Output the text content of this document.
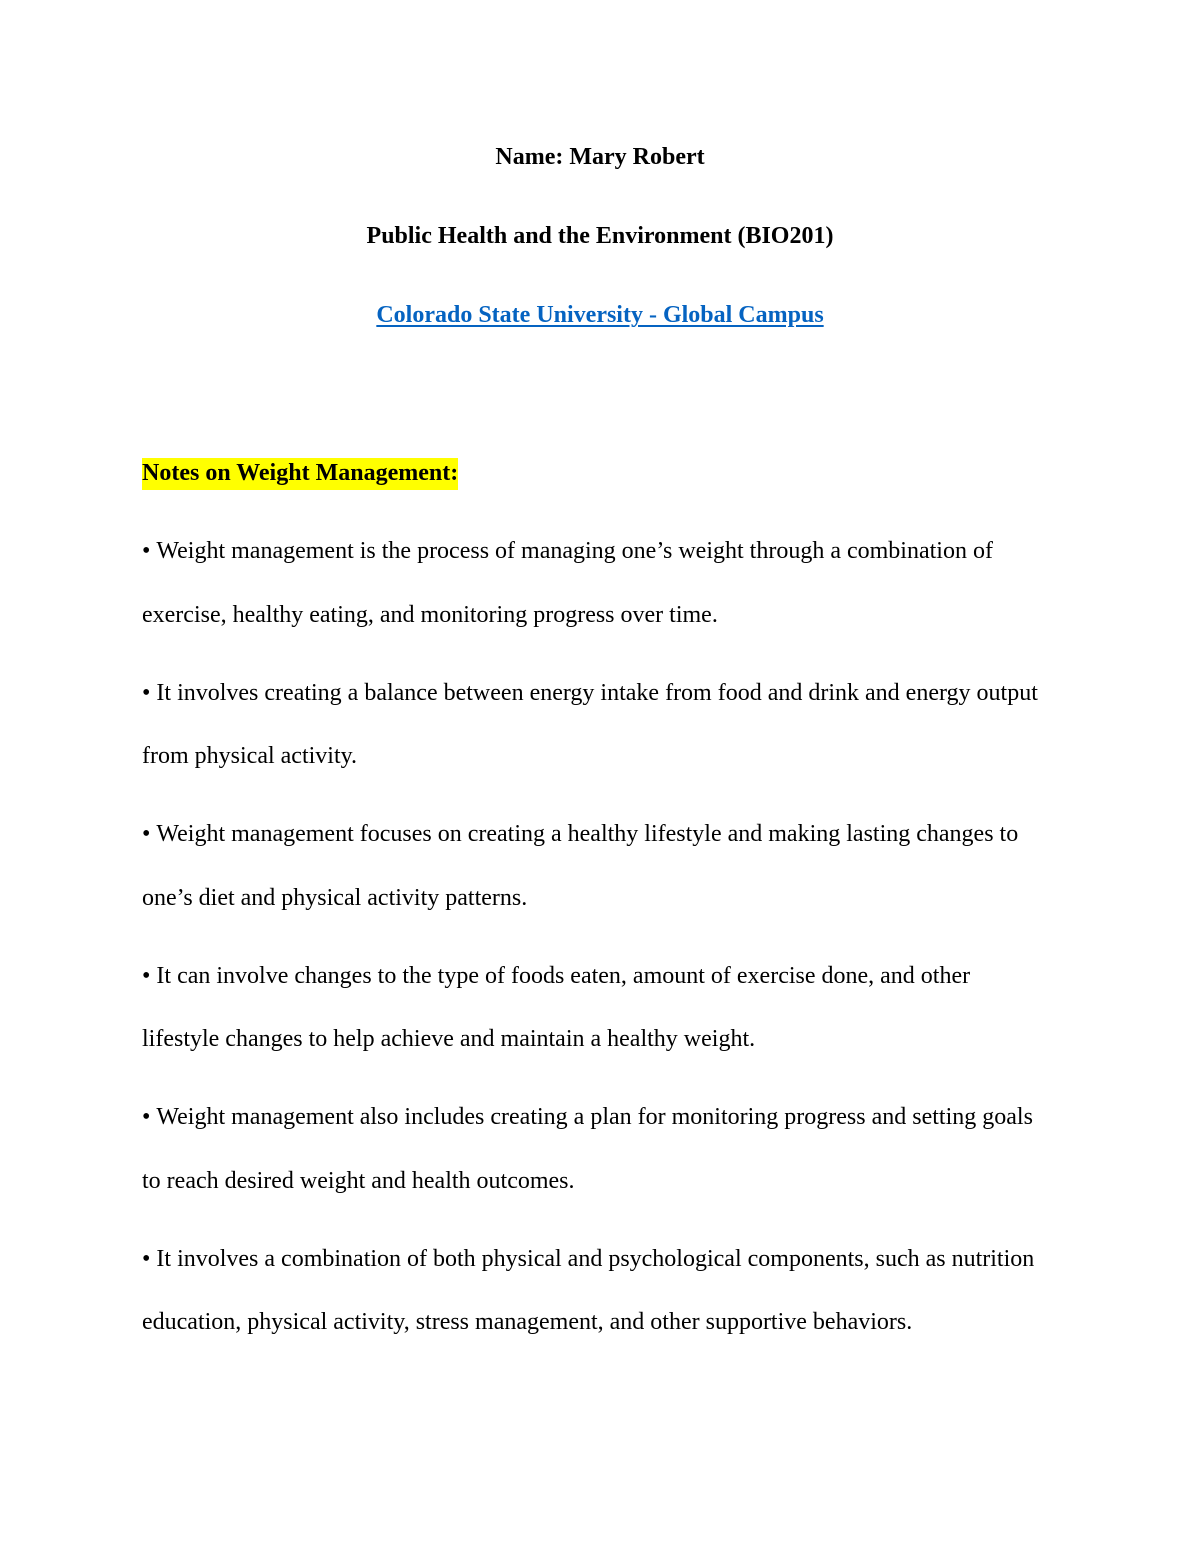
Name: Mary Robert
Public Health and the Environment (BIO201)
Colorado State University - Global Campus
Notes on Weight Management:
• Weight management is the process of managing one’s weight through a combination of exercise, healthy eating, and monitoring progress over time.
• It involves creating a balance between energy intake from food and drink and energy output from physical activity.
• Weight management focuses on creating a healthy lifestyle and making lasting changes to one’s diet and physical activity patterns.
• It can involve changes to the type of foods eaten, amount of exercise done, and other lifestyle changes to help achieve and maintain a healthy weight.
• Weight management also includes creating a plan for monitoring progress and setting goals to reach desired weight and health outcomes.
• It involves a combination of both physical and psychological components, such as nutrition education, physical activity, stress management, and other supportive behaviors.
